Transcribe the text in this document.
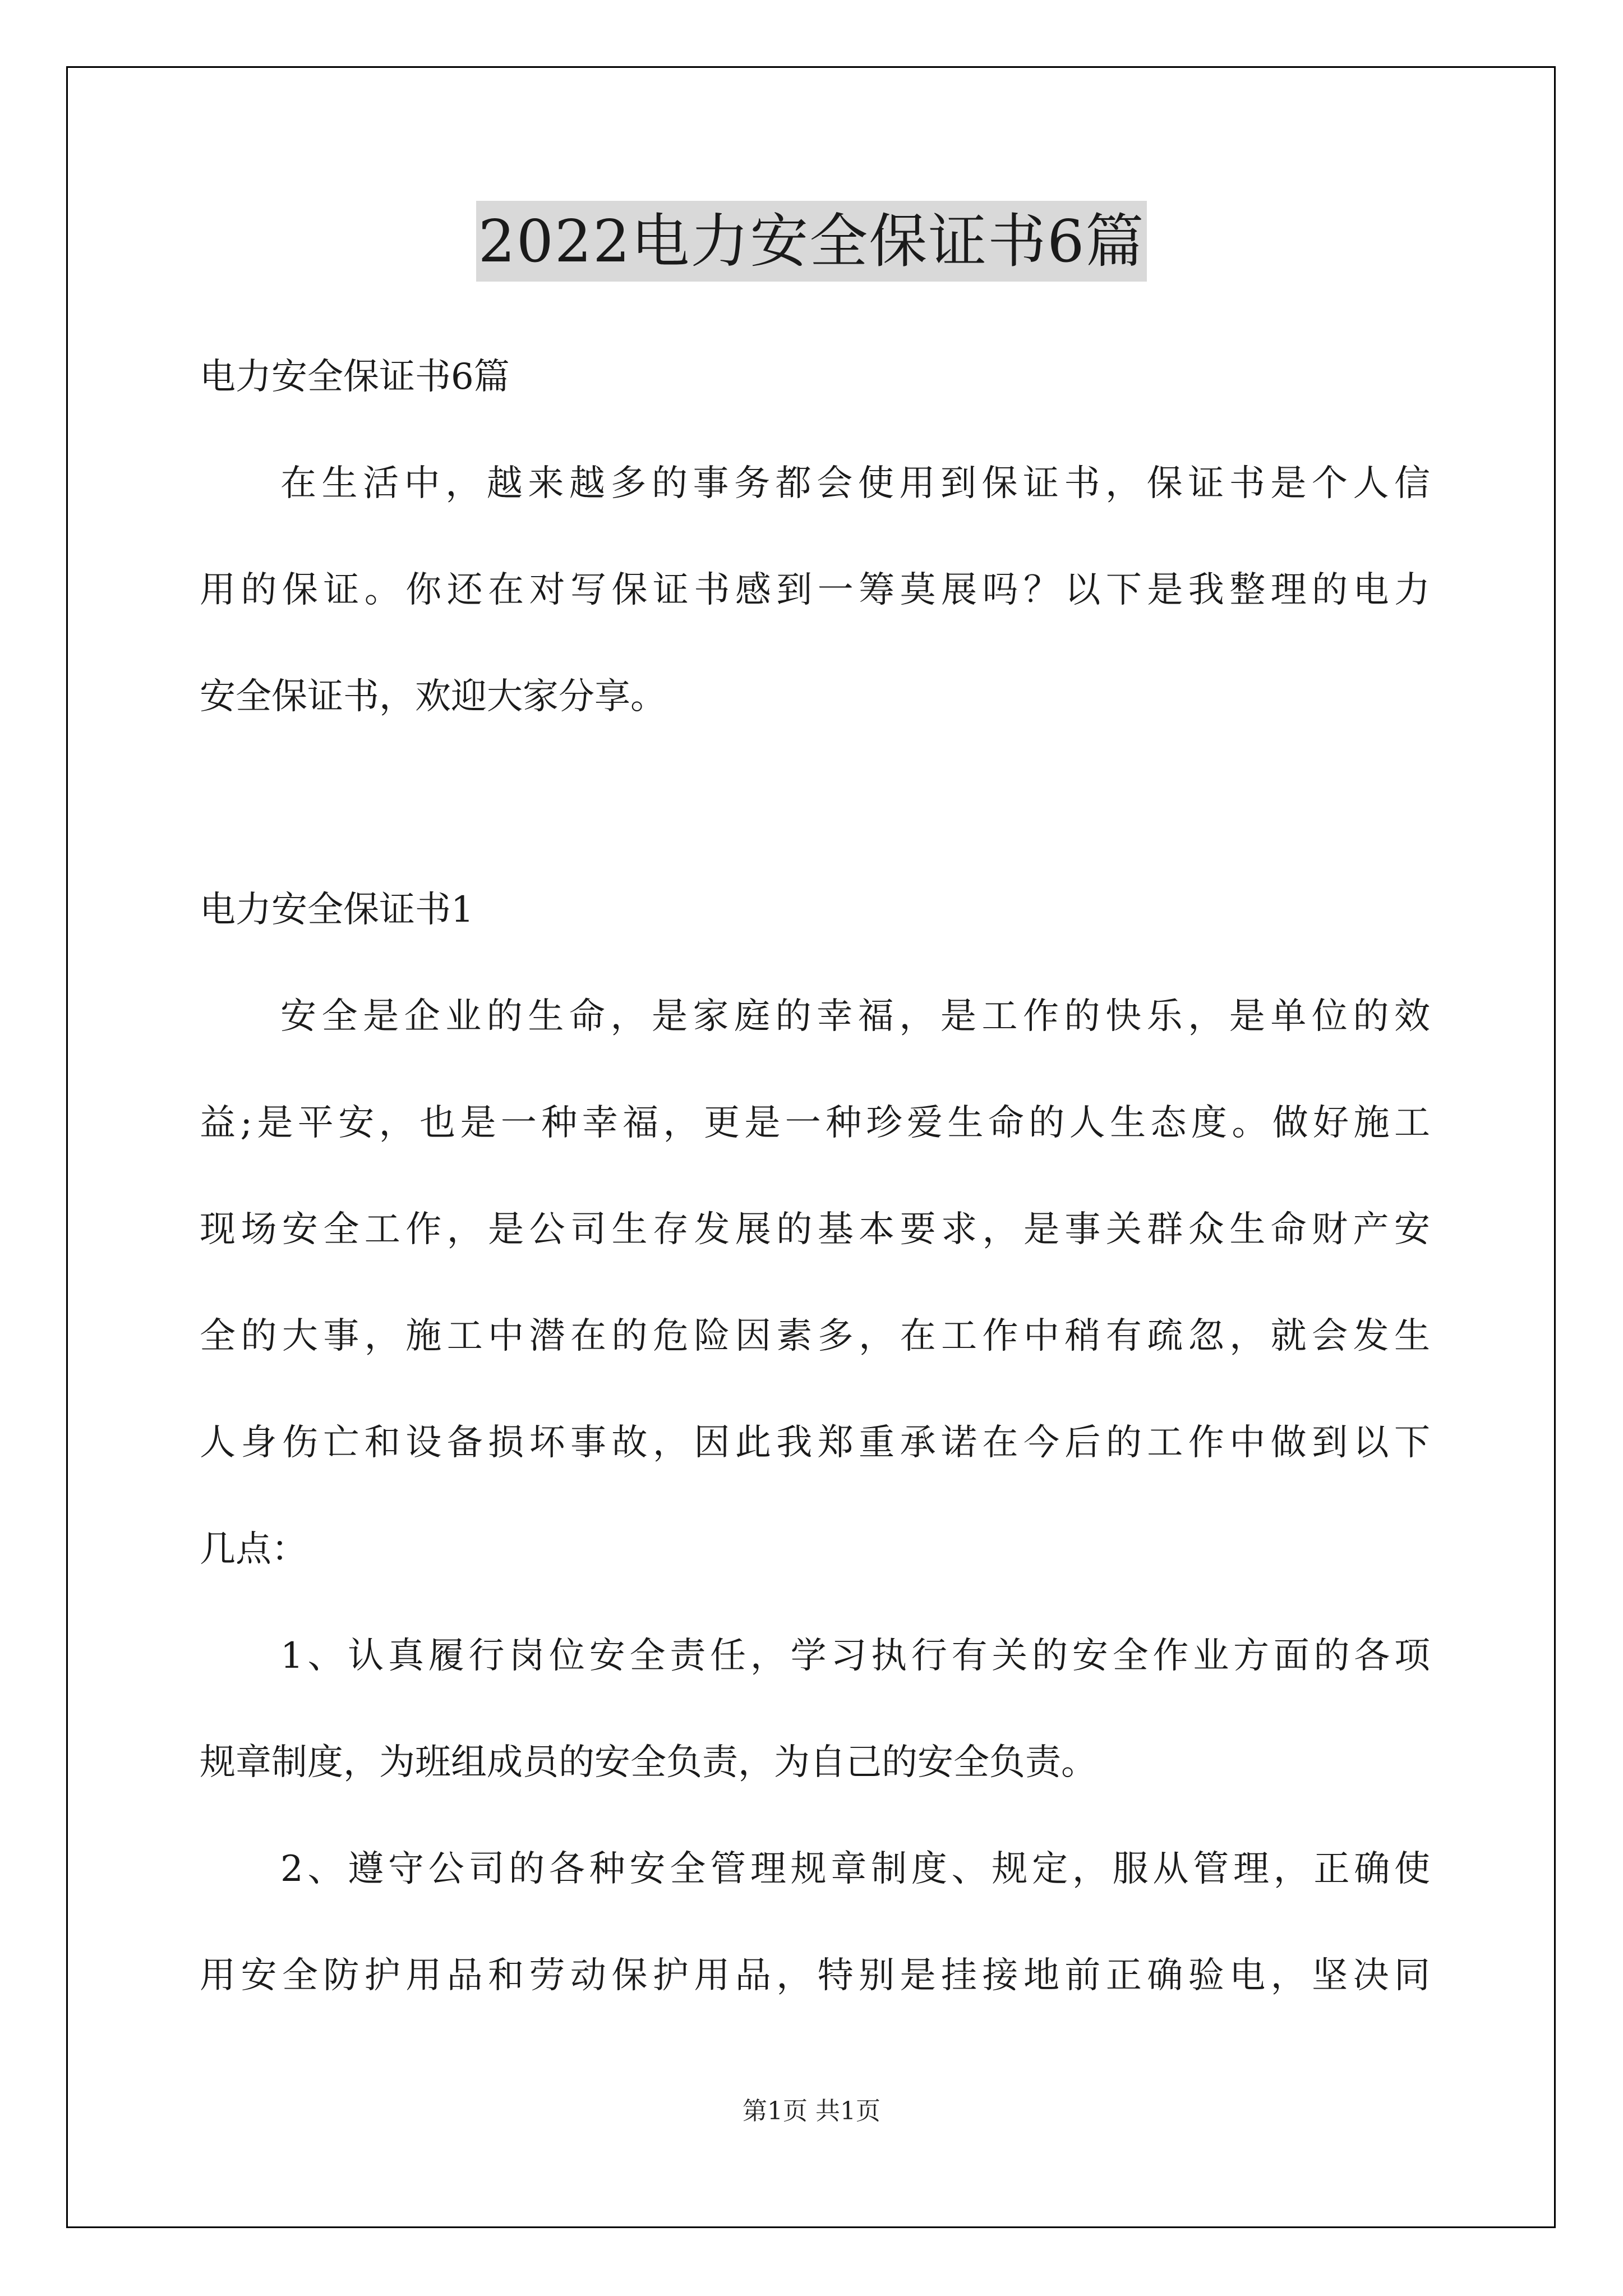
2022电力安全保证书6篇
电力安全保证书6篇
在生活中，越来越多的事务都会使用到保证书，保证书是个人信
用的保证。你还在对写保证书感到一筹莫展吗？以下是我整理的电力
安全保证书，欢迎大家分享。
电力安全保证书1
安全是企业的生命，是家庭的幸福，是工作的快乐，是单位的效
益;是平安，也是一种幸福，更是一种珍爱生命的人生态度。做好施工
现场安全工作，是公司生存发展的基本要求，是事关群众生命财产安
全的大事，施工中潜在的危险因素多，在工作中稍有疏忽，就会发生
人身伤亡和设备损坏事故，因此我郑重承诺在今后的工作中做到以下
几点：
1、认真履行岗位安全责任，学习执行有关的安全作业方面的各项
规章制度，为班组成员的安全负责，为自己的安全负责。
2、遵守公司的各种安全管理规章制度、规定，服从管理，正确使
用安全防护用品和劳动保护用品，特别是挂接地前正确验电，坚决同
第1页 共1页
